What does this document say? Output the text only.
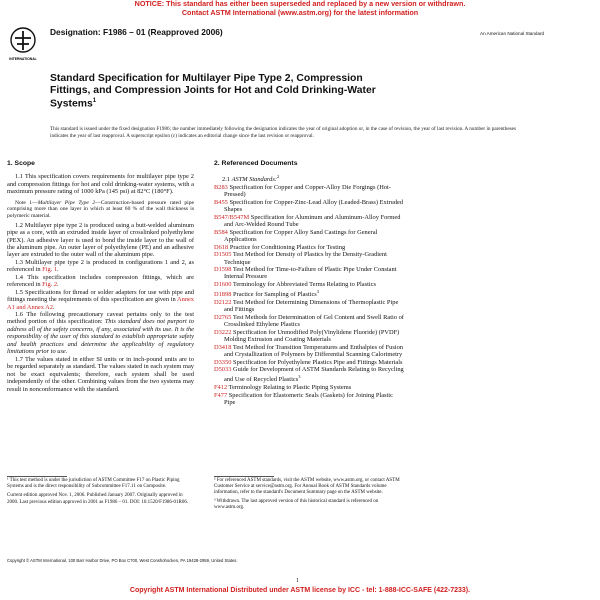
NOTICE: This standard has either been superseded and replaced by a new version or withdrawn.
Contact ASTM International (www.astm.org) for the latest information
INTERNATIONAL
Designation: F1986 – 01 (Reapproved 2006)	An American National Standard
Standard Specification for Multilayer Pipe Type 2, Compression Fittings, and Compression Joints for Hot and Cold Drinking-Water Systems$^1$
This standard is issued under the fixed designation F1986; the number immediately following the designation indicates the year of original adoption or, in the case of revision, the year of last revision. A number in parentheses indicates the year of last reapproval. A superscript epsilon (ε) indicates an editorial change since the last revision or reapproval.
1. Scope

1.1 This specification covers requirements for multilayer pipe type 2 and compression fittings for hot and cold drinking-water systems, with a maximum pressure rating of 1000 kPa (145 psi) at 82°C (180°F).

Note 1—Multilayer Pipe Type 2—Construction-based pressure rated pipe comprising more than one layer in which at least 60 % of the wall thickness is polymeric material.

1.2 Multilayer pipe type 2 is produced using a butt-welded aluminum pipe as a core, with an extruded inside layer of crosslinked polyethylene (PEX). An adhesive layer is used to bond the inside layer to the wall of the aluminum pipe. An outer layer of polyethylene (PE) and an adhesive layer are extruded to the outer wall of the aluminum pipe.

1.3 Multilayer pipe type 2 is produced in configurations 1 and 2, as referenced in Fig. 1.

1.4 This specification includes compression fittings, which are referenced in Fig. 2.

1.5 Specifications for thread or solder adapters for use with pipe and fittings meeting the requirements of this specification are given in Annex A1 and Annex A2.

1.6 The following precautionary caveat pertains only to the test method portion of this specification: This standard does not purport to address all of the safety concerns, if any, associated with its use. It is the responsibility of the user of this standard to establish appropriate safety and health practices and determine the applicability of regulatory limitations prior to use.

1.7 The values stated in either SI units or in inch-pound units are to be regarded separately as standard. The values stated in each system may not be exact equivalents; therefore, each system shall be used independently of the other. Combining values from the two systems may result in nonconformance with the standard.

2. Referenced Documents
2.1 ASTM Standards:$^2$
B283 Specification for Copper and Copper-Alloy Die Forgings (Hot-Pressed)
B455 Specification for Copper-Zinc-Lead Alloy (Leaded-Brass) Extruded Shapes
B547/B547M Specification for Aluminum and Aluminum-Alloy Formed and Arc-Welded Round Tube
B584 Specification for Copper Alloy Sand Castings for General Applications
D618 Practice for Conditioning Plastics for Testing
D1505 Test Method for Density of Plastics by the Density-Gradient Technique
D1598 Test Method for Time-to-Failure of Plastic Pipe Under Constant Internal Pressure
D1600 Terminology for Abbreviated Terms Relating to Plastics
D1898 Practice for Sampling of Plastics$^3$
D2122 Test Method for Determining Dimensions of Thermoplastic Pipe and Fittings
D2765 Test Methods for Determination of Gel Content and Swell Ratio of Crosslinked Ethylene Plastics
D3222 Specification for Unmodified Poly(Vinylidene Fluoride) (PVDF) Molding Extrusion and Coating Materials
D3418 Test Method for Transition Temperatures and Enthalpies of Fusion and Crystallization of Polymers by Differential Scanning Calorimetry
D3350 Specification for Polyethylene Plastics Pipe and Fittings Materials
D5033 Guide for Development of ASTM Standards Relating to Recycling and Use of Recycled Plastics$^3$
F412 Terminology Relating to Plastic Piping Systems
F477 Specification for Elastomeric Seals (Gaskets) for Joining Plastic Pipe
¹ This test method is under the jurisdiction of ASTM Committee F17 on Plastic Piping Systems and is the direct responsibility of Subcommittee F17.11 on Composite.
Current edition approved Nov. 1, 2006. Published January 2007. Originally approved in 2000. Last previous edition approved in 2001 as F1986 – 01. DOI: 10.1520/F1986-01R06.
² For referenced ASTM standards, visit the ASTM website, www.astm.org, or contact ASTM Customer Service at service@astm.org. For Annual Book of ASTM Standards volume information, refer to the standard's Document Summary page on the ASTM website.
³ Withdrawn. The last approved version of this historical standard is referenced on www.astm.org.
Copyright © ASTM International, 100 Barr Harbor Drive, PO Box C700, West Conshohocken, PA 19428-2959, United States.
1
Copyright ASTM International Distributed under ASTM license by ICC - tel: 1-888-ICC-SAFE (422-7233).
